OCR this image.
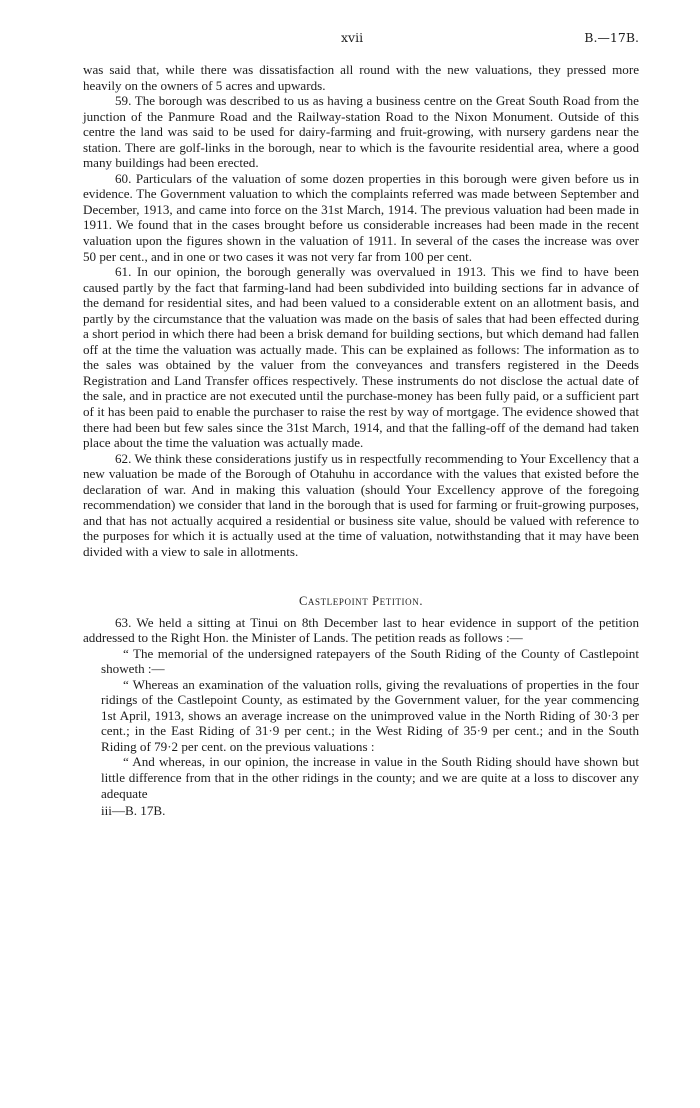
xvii	B.—17B.

was said that, while there was dissatisfaction all round with the new valuations, they pressed more heavily on the owners of 5 acres and upwards.

59. The borough was described to us as having a business centre on the Great South Road from the junction of the Panmure Road and the Railway-station Road to the Nixon Monument. Outside of this centre the land was said to be used for dairy-farming and fruit-growing, with nursery gardens near the station. There are golf-links in the borough, near to which is the favourite residential area, where a good many buildings had been erected.

60. Particulars of the valuation of some dozen properties in this borough were given before us in evidence. The Government valuation to which the complaints referred was made between September and December, 1913, and came into force on the 31st March, 1914. The previous valuation had been made in 1911. We found that in the cases brought before us considerable increases had been made in the recent valuation upon the figures shown in the valuation of 1911. In several of the cases the increase was over 50 per cent., and in one or two cases it was not very far from 100 per cent.

61. In our opinion, the borough generally was overvalued in 1913. This we find to have been caused partly by the fact that farming-land had been subdivided into building sections far in advance of the demand for residential sites, and had been valued to a considerable extent on an allotment basis, and partly by the circumstance that the valuation was made on the basis of sales that had been effected during a short period in which there had been a brisk demand for building sections, but which demand had fallen off at the time the valuation was actually made. This can be explained as follows: The information as to the sales was obtained by the valuer from the conveyances and transfers registered in the Deeds Registration and Land Transfer offices respectively. These instruments do not disclose the actual date of the sale, and in practice are not executed until the purchase-money has been fully paid, or a sufficient part of it has been paid to enable the purchaser to raise the rest by way of mortgage. The evidence showed that there had been but few sales since the 31st March, 1914, and that the falling-off of the demand had taken place about the time the valuation was actually made.

62. We think these considerations justify us in respectfully recommending to Your Excellency that a new valuation be made of the Borough of Otahuhu in accordance with the values that existed before the declaration of war. And in making this valuation (should Your Excellency approve of the foregoing recommendation) we consider that land in the borough that is used for farming or fruit-growing purposes, and that has not actually acquired a residential or business site value, should be valued with reference to the purposes for which it is actually used at the time of valuation, notwithstanding that it may have been divided with a view to sale in allotments.

Castlepoint Petition.

63. We held a sitting at Tinui on 8th December last to hear evidence in support of the petition addressed to the Right Hon. the Minister of Lands. The petition reads as follows :—

“ The memorial of the undersigned ratepayers of the South Riding of the County of Castlepoint showeth :—

“ Whereas an examination of the valuation rolls, giving the revaluations of properties in the four ridings of the Castlepoint County, as estimated by the Government valuer, for the year commencing 1st April, 1913, shows an average increase on the unimproved value in the North Riding of 30·3 per cent.; in the East Riding of 31·9 per cent.; in the West Riding of 35·9 per cent.; and in the South Riding of 79·2 per cent. on the previous valuations :

“ And whereas, in our opinion, the increase in value in the South Riding should have shown but little difference from that in the other ridings in the county; and we are quite at a loss to discover any adequate

iii—B. 17B.
